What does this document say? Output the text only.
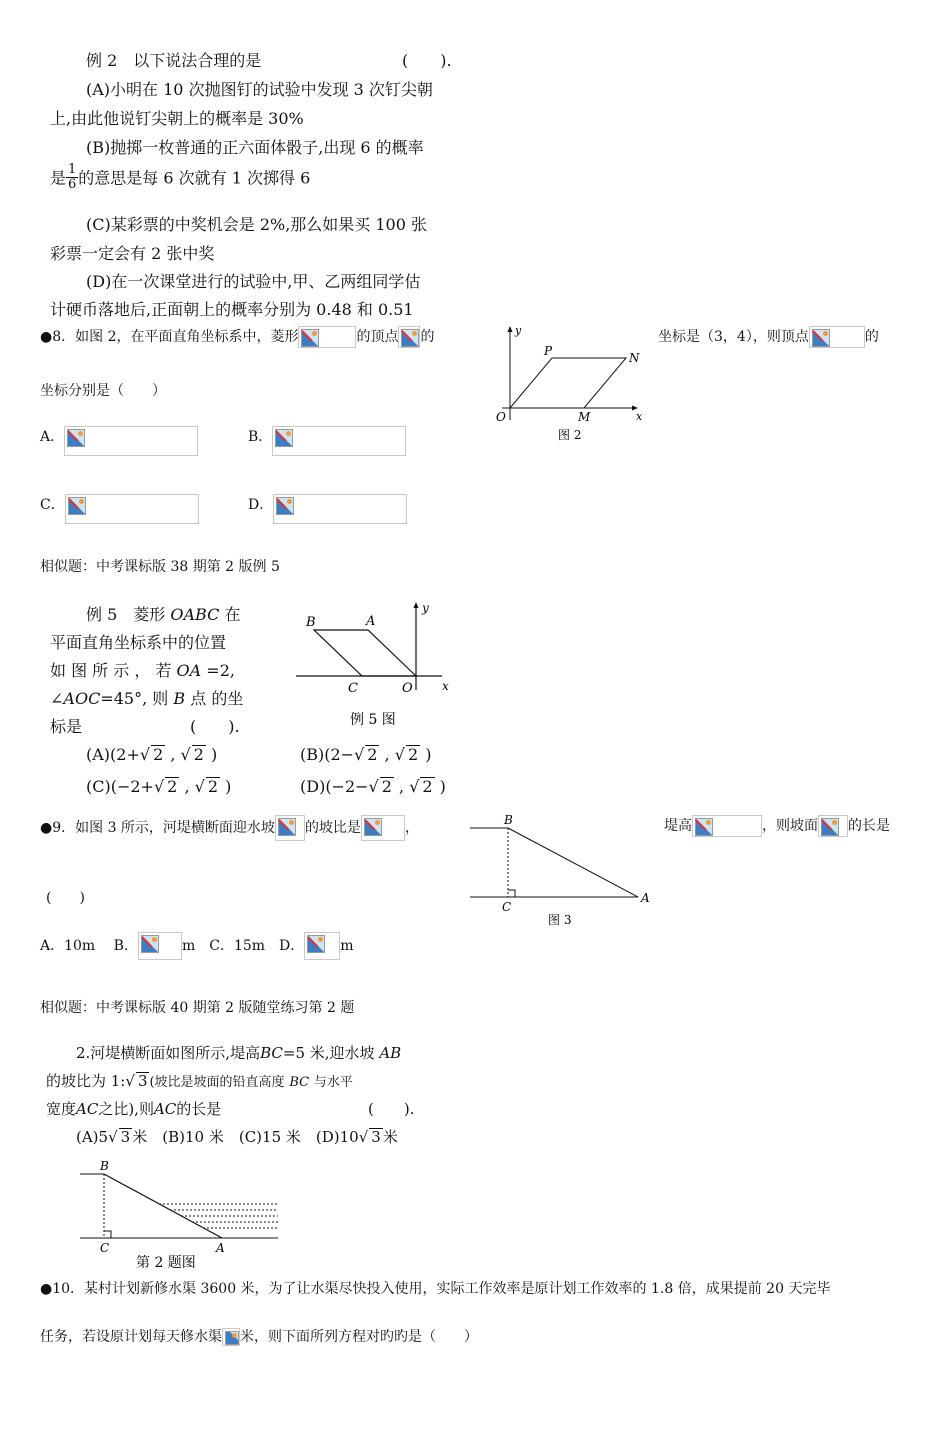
例 2　以下说法合理的是	(　　).
(A)小明在 10 次抛图钉的试验中发现 3 次钉尖朝
上,由此他说钉尖朝上的概率是 30%
(B)抛掷一枚普通的正六面体骰子,出现 6 的概率
是 $\frac{1}{6}$ 的意思是每 6 次就有 1 次掷得 6
(C)某彩票的中奖机会是 2%,那么如果买 100 张
彩票一定会有 2 张中奖
(D)在一次课堂进行的试验中,甲、乙两组同学估
计硬币落地后,正面朝上的概率分别为 0.48 和 0.51
●8．如图 2，在平面直角坐标系中，菱形	的顶点 的	坐标是（3，4），则顶点	的
坐标分别是（　　）
A．	B．
C．	D．
y
P	N
O	M	x
图 2
相似题：中考课标版 38 期第 2 版例 5
例 5　菱形 OABC 在
平面直角坐标系中的位置
如 图 所 示 ， 若 OA =2,
∠AOC=45°, 则 B 点 的坐
标是	(　　).
(A)(2+√ 2 , √ 2 )	(B)(2−√ 2 , √ 2 )
(C)(−2+√ 2 , √ 2 )	(D)(−2−√ 2 , √ 2 )
y
B	A
C	O x
例 5 图
●9．如图 3 所示，河堤横断面迎水坡 的坡比是	，	堤高	，则坡面 的长是
(　　)
A．10m　 B．	m　 C．15m　D．	m
B
C
A
图 3
相似题：中考课标版 40 期第 2 版随堂练习第 2 题
2.河堤横断面如图所示,堤高BC=5 米,迎水坡 AB
的坡比为 1:√ 3 (坡比是坡面的铅直高度 BC 与水平
宽度AC之比),则AC的长是	(　　).
(A)5√ 3 米　 (B)10 米　 (C)15 米　 (D)10√ 3 米
B
C	A
第 2 题图
●10．某村计划新修水渠 3600 米，为了让水渠尽快投入使用，实际工作效率是原计划工作效率的 1.8 倍，成果提前 20 天完毕
任务，若设原计划每天修水渠 米，则下面所列方程对旳旳是（　　）
